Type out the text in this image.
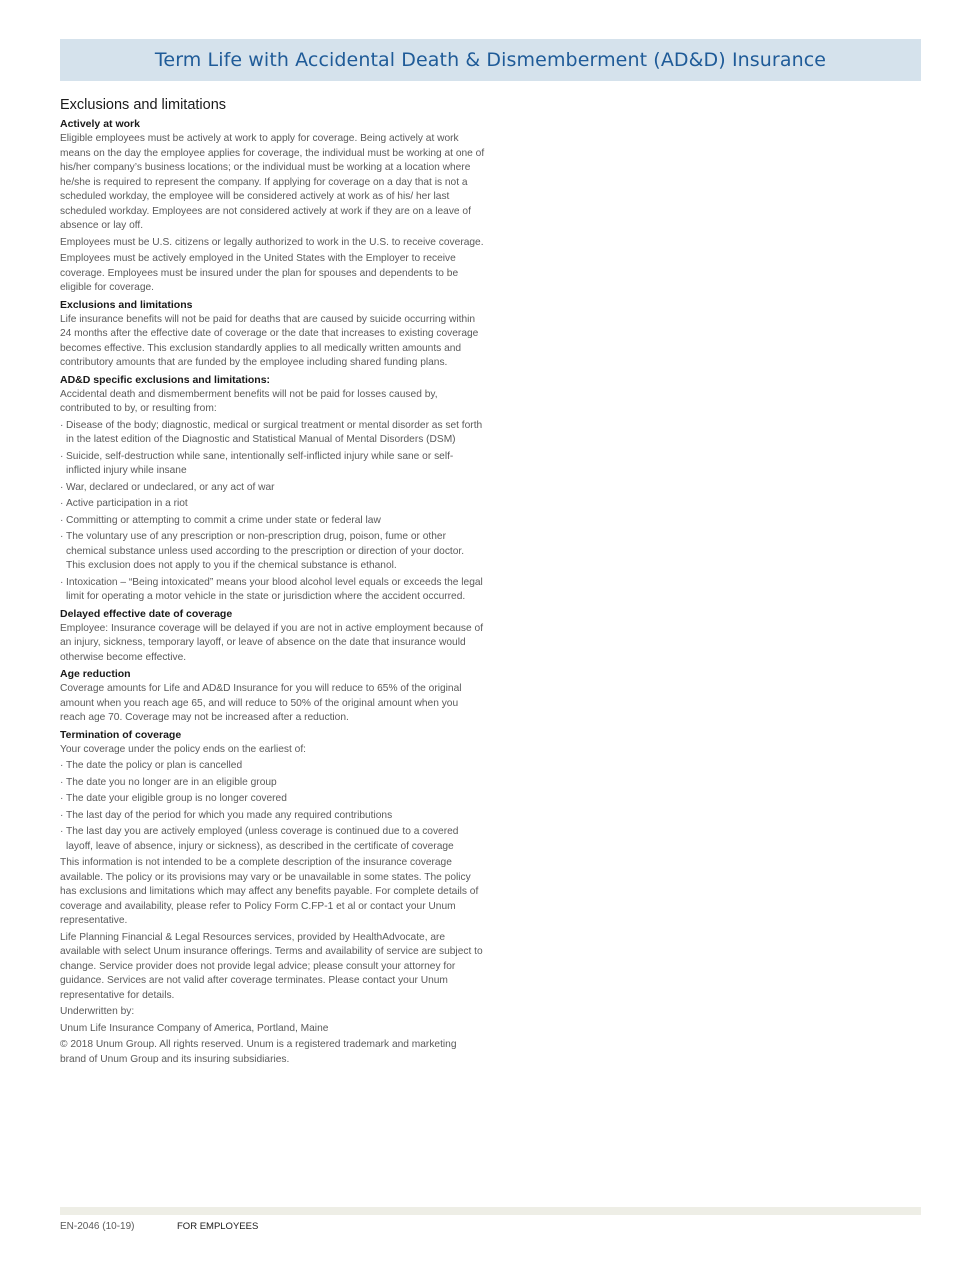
Term Life with Accidental Death & Dismemberment (AD&D) Insurance
Exclusions and limitations
Actively at work

Eligible employees must be actively at work to apply for coverage. Being actively at work means on the day the employee applies for coverage, the individual must be working at one of his/her company’s business locations; or the individual must be working at a location where he/she is required to represent the company. If applying for coverage on a day that is not a scheduled workday, the employee will be considered actively at work as of his/ her last scheduled workday. Employees are not considered actively at work if they are on a leave of absence or lay off.

Employees must be U.S. citizens or legally authorized to work in the U.S. to receive coverage.

Employees must be actively employed in the United States with the Employer to receive coverage. Employees must be insured under the plan for spouses and dependents to be eligible for coverage.

Exclusions and limitations

Life insurance benefits will not be paid for deaths that are caused by suicide occurring within 24 months after the effective date of coverage or the date that increases to existing coverage becomes effective. This exclusion standardly applies to all medically written amounts and contributory amounts that are funded by the employee including shared funding plans.

AD&D specific exclusions and limitations:

Accidental death and dismemberment benefits will not be paid for losses caused by, contributed to by, or resulting from:

· Disease of the body; diagnostic, medical or surgical treatment or mental disorder as set forth in the latest edition of the Diagnostic and Statistical Manual of Mental Disorders (DSM)
· Suicide, self-destruction while sane, intentionally self-inflicted injury while sane or self-inflicted injury while insane
· War, declared or undeclared, or any act of war
· Active participation in a riot
· Committing or attempting to commit a crime under state or federal law
· The voluntary use of any prescription or non-prescription drug, poison, fume or other chemical substance unless used according to the prescription or direction of your doctor. This exclusion does not apply to you if the chemical substance is ethanol.
· Intoxication – “Being intoxicated” means your blood alcohol level equals or exceeds the legal limit for operating a motor vehicle in the state or jurisdiction where the accident occurred.
Delayed effective date of coverage

Employee: Insurance coverage will be delayed if you are not in active employment because of an injury, sickness, temporary layoff, or leave of absence on the date that insurance would otherwise become effective.

Age reduction

Coverage amounts for Life and AD&D Insurance for you will reduce to 65% of the original amount when you reach age 65, and will reduce to 50% of the original amount when you reach age 70. Coverage may not be increased after a reduction.

Termination of coverage

Your coverage under the policy ends on the earliest of:

· The date the policy or plan is cancelled
· The date you no longer are in an eligible group
· The date your eligible group is no longer covered
· The last day of the period for which you made any required contributions
· The last day you are actively employed (unless coverage is continued due to a covered layoff, leave of absence, injury or sickness), as described in the certificate of coverage

This information is not intended to be a complete description of the insurance coverage available. The policy or its provisions may vary or be unavailable in some states. The policy has exclusions and limitations which may affect any benefits payable. For complete details of coverage and availability, please refer to Policy Form C.FP-1 et al or contact your Unum representative.

Life Planning Financial & Legal Resources services, provided by HealthAdvocate, are available with select Unum insurance offerings. Terms and availability of service are subject to change. Service provider does not provide legal advice; please consult your attorney for guidance. Services are not valid after coverage terminates. Please contact your Unum representative for details.

Underwritten by:

Unum Life Insurance Company of America, Portland, Maine

© 2018 Unum Group. All rights reserved. Unum is a registered trademark and marketing brand of Unum Group and its insuring subsidiaries.

EN-2046 (10-19)	FOR EMPLOYEES
